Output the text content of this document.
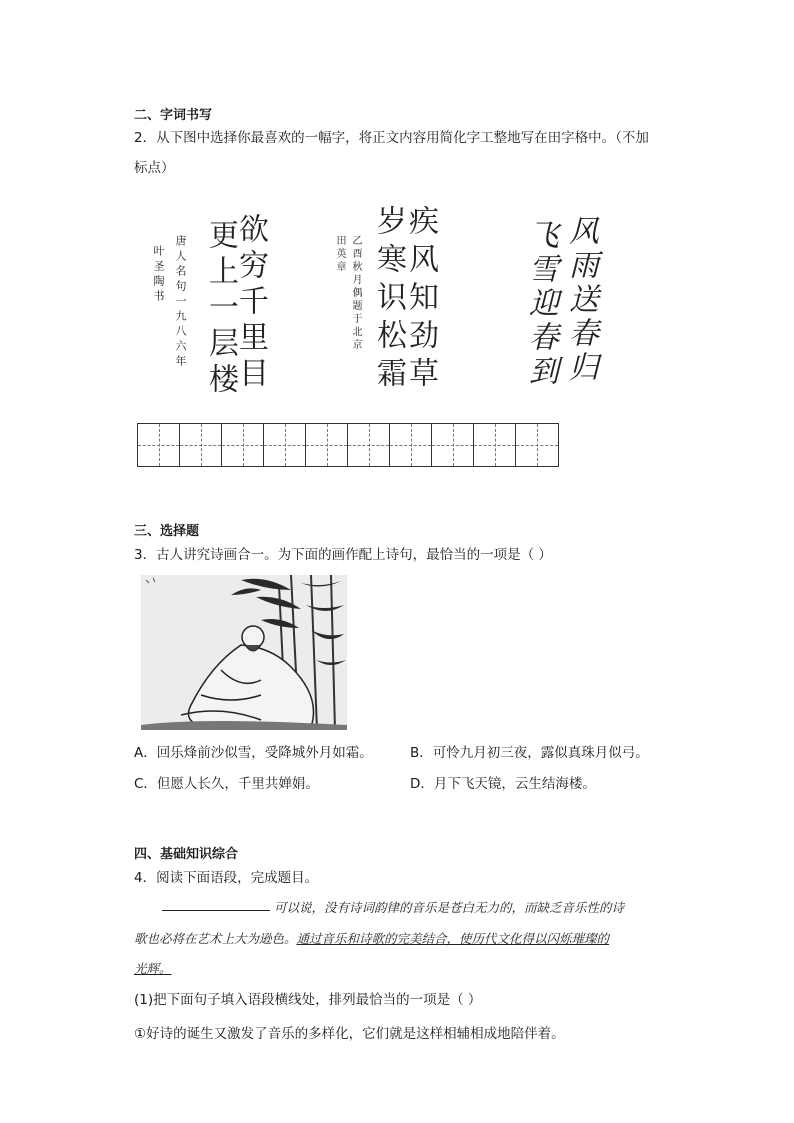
二、字词书写
2．从下图中选择你最喜欢的一幅字，将正文内容用简化字工整地写在田字格中。（不加
标点）
欲穷千里目
更上一层楼
唐人名句一九八六年
叶圣陶书	疾风知劲草
岁寒识松霜
乙酉秋月偶题于北京
田英章	风雨送春归
飞雪迎春到
三、选择题
3．古人讲究诗画合一。为下面的画作配上诗句，最恰当的一项是（ ）
A．回乐烽前沙似雪，受降城外月如霜。	B．可怜九月初三夜，露似真珠月似弓。
C．但愿人长久，千里共婵娟。	D．月下飞天镜，云生结海楼。
四、基础知识综合
4．阅读下面语段，完成题目。
可以说，没有诗词韵律的音乐是苍白无力的，而缺乏音乐性的诗
歌也必将在艺术上大为逊色。通过音乐和诗歌的完美结合，使历代文化得以闪烁璀璨的
光辉。
(1)把下面句子填入语段横线处，排列最恰当的一项是（ ）
①好诗的诞生又激发了音乐的多样化，它们就是这样相辅相成地陪伴着。
